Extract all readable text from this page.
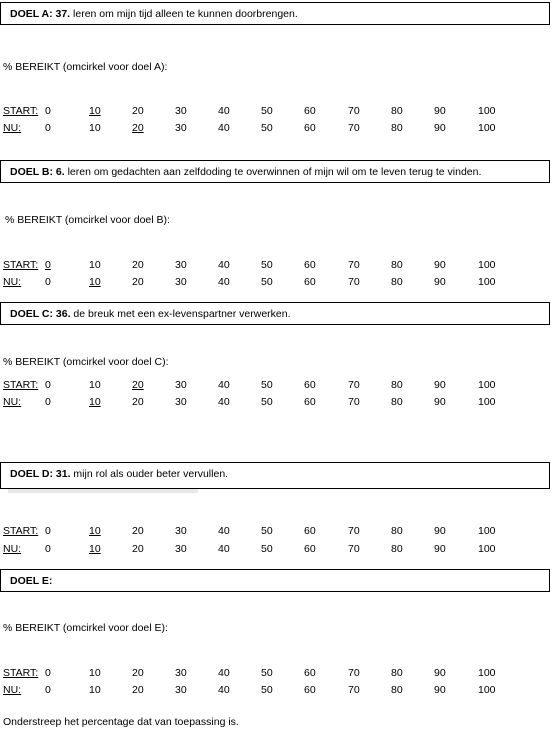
DOEL A: 37. leren om mijn tijd alleen te kunnen doorbrengen.
% BEREIKT (omcirkel voor doel A):
START: 0	10	20	30	40	50	60	70	80	90	100
NU: 0	10	20	30	40	50	60	70	80	90	100
DOEL B: 6. leren om gedachten aan zelfdoding te overwinnen of mijn wil om te leven terug te vinden.
% BEREIKT (omcirkel voor doel B):
START: 0	10	20	30	40	50	60	70	80	90	100
NU: 0	10	20	30	40	50	60	70	80	90	100
DOEL C: 36. de breuk met een ex-levenspartner verwerken.
% BEREIKT (omcirkel voor doel C):
START: 0	10	20	30	40	50	60	70	80	90	100
NU: 0	10	20	30	40	50	60	70	80	90	100
DOEL D: 31. mijn rol als ouder beter vervullen.
START: 0	10	20	30	40	50	60	70	80	90	100
NU: 0	10	20	30	40	50	60	70	80	90	100
DOEL E:
% BEREIKT (omcirkel voor doel E):
START: 0	10	20	30	40	50	60	70	80	90	100
NU: 0	10	20	30	40	50	60	70	80	90	100
Onderstreep het percentage dat van toepassing is.
